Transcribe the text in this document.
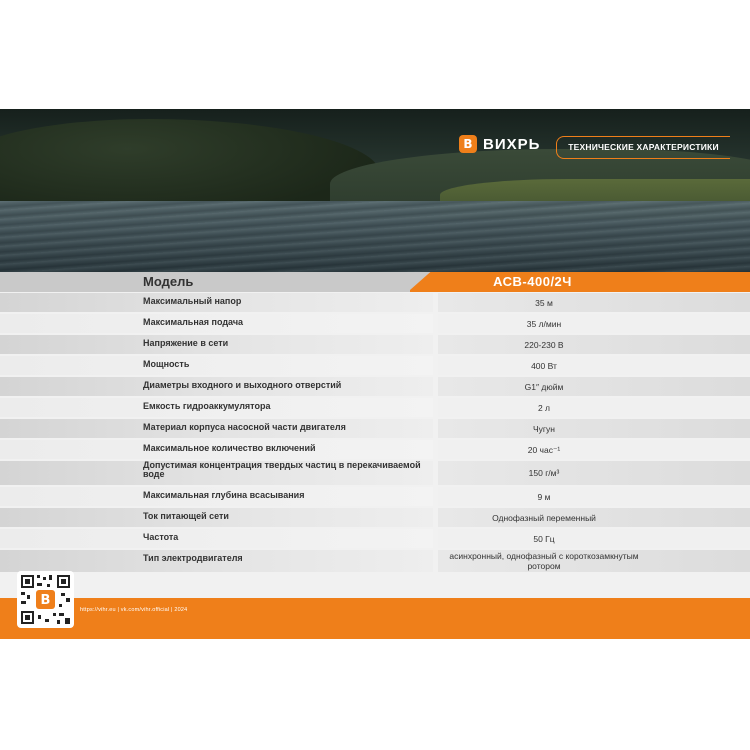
B ВИХРЬ	ТЕХНИЧЕСКИЕ ХАРАКТЕРИСТИКИ
Модель	АСВ-400/2Ч
Максимальный напор	35 м
Максимальная подача	35 л/мин
Напряжение в сети	220-230 В
Мощность	400 Вт
Диаметры входного и выходного отверстий	G1″ дюйм
Емкость гидроаккумулятора	2 л
Материал корпуса насосной части двигателя	Чугун
Максимальное количество включений	20 час⁻¹
Допустимая концентрация твердых частиц в перекачиваемой воде	150 г/м³
Максимальная глубина всасывания	9 м
Ток питающей сети	Однофазный переменный
Частота	50 Гц
Тип электродвигателя	асинхронный, однофазный с короткозамкнутым ротором
https://vihr.eu | vk.com/vihr.official | 2024
B
